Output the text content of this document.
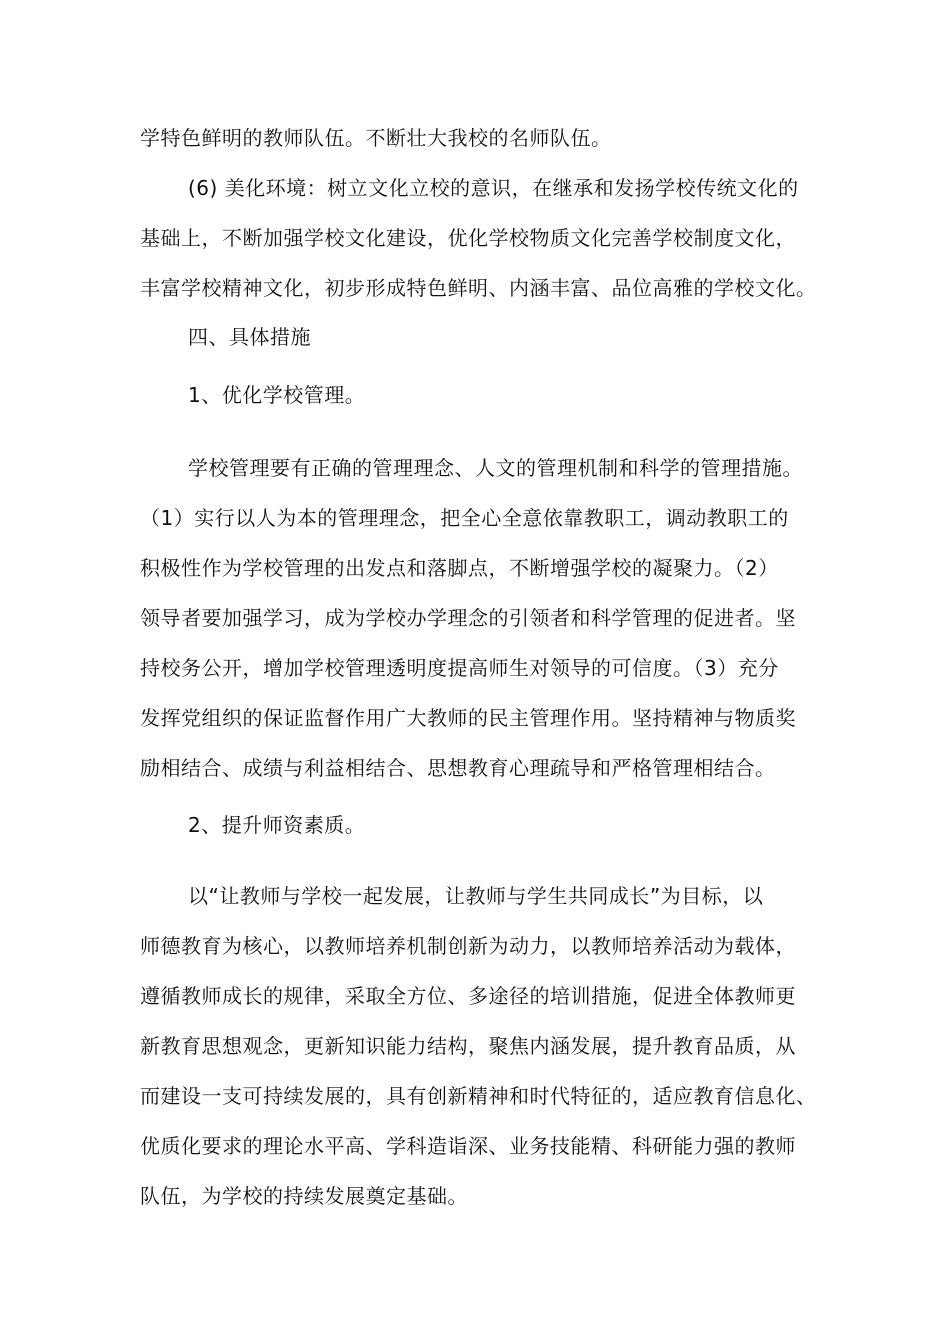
学特色鲜明的教师队伍。不断壮大我校的名师队伍。
(6) 美化环境：树立文化立校的意识，在继承和发扬学校传统文化的
基础上，不断加强学校文化建设，优化学校物质文化完善学校制度文化，
丰富学校精神文化，初步形成特色鲜明、内涵丰富、品位高雅的学校文化。
四、具体措施
1、优化学校管理。
学校管理要有正确的管理理念、人文的管理机制和科学的管理措施。
（1）实行以人为本的管理理念，把全心全意依靠教职工，调动教职工的
积极性作为学校管理的出发点和落脚点，不断增强学校的凝聚力。（2）
领导者要加强学习，成为学校办学理念的引领者和科学管理的促进者。坚
持校务公开，增加学校管理透明度提高师生对领导的可信度。（3）充分
发挥党组织的保证监督作用广大教师的民主管理作用。坚持精神与物质奖
励相结合、成绩与利益相结合、思想教育心理疏导和严格管理相结合。
2、提升师资素质。
以“让教师与学校一起发展，让教师与学生共同成长”为目标，以
师德教育为核心，以教师培养机制创新为动力，以教师培养活动为载体，
遵循教师成长的规律，采取全方位、多途径的培训措施，促进全体教师更
新教育思想观念，更新知识能力结构，聚焦内涵发展，提升教育品质，从
而建设一支可持续发展的，具有创新精神和时代特征的，适应教育信息化、
优质化要求的理论水平高、学科造诣深、业务技能精、科研能力强的教师
队伍，为学校的持续发展奠定基础。
